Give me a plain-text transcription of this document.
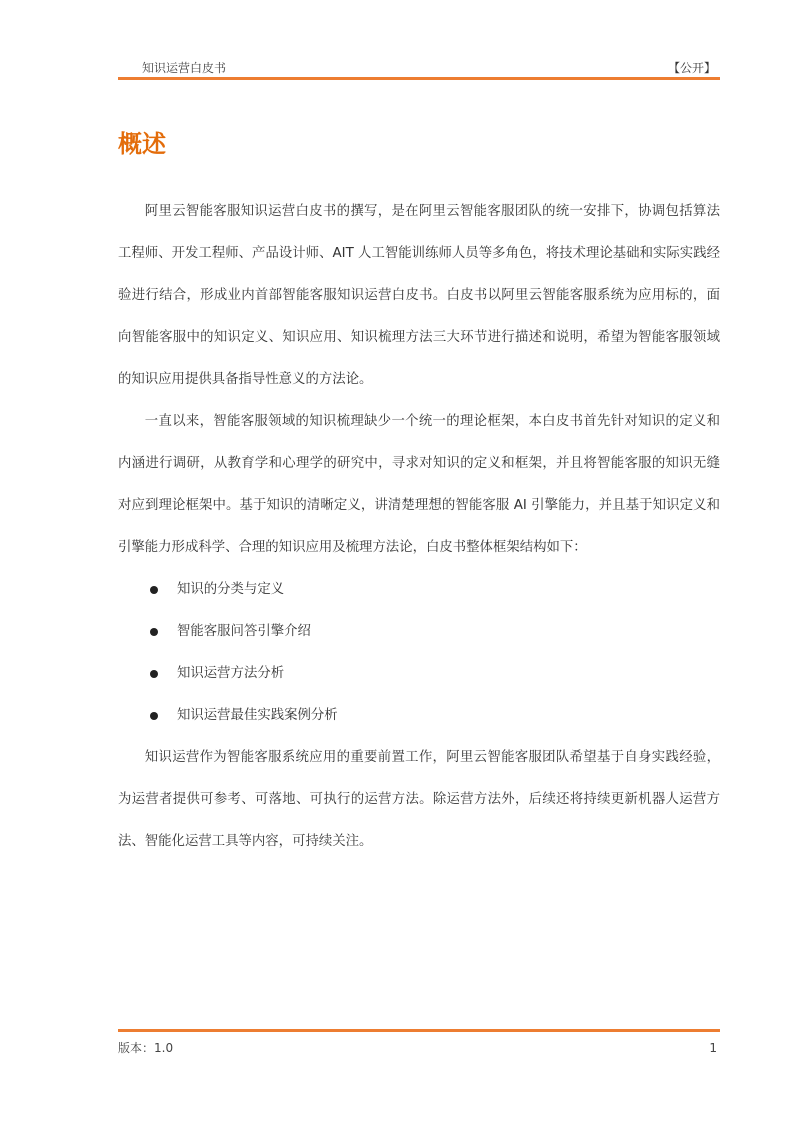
知识运营白皮书	【公开】
概述

阿里云智能客服知识运营白皮书的撰写，是在阿里云智能客服团队的统一安排下，协调包括算法工程师、开发工程师、产品设计师、AIT 人工智能训练师人员等多角色，将技术理论基础和实际实践经验进行结合，形成业内首部智能客服知识运营白皮书。白皮书以阿里云智能客服系统为应用标的，面向智能客服中的知识定义、知识应用、知识梳理方法三大环节进行描述和说明，希望为智能客服领域的知识应用提供具备指导性意义的方法论。

一直以来，智能客服领域的知识梳理缺少一个统一的理论框架，本白皮书首先针对知识的定义和内涵进行调研，从教育学和心理学的研究中，寻求对知识的定义和框架，并且将智能客服的知识无缝对应到理论框架中。基于知识的清晰定义，讲清楚理想的智能客服 AI 引擎能力，并且基于知识定义和引擎能力形成科学、合理的知识应用及梳理方法论，白皮书整体框架结构如下：

知识的分类与定义
智能客服问答引擎介绍
知识运营方法分析
知识运营最佳实践案例分析

知识运营作为智能客服系统应用的重要前置工作，阿里云智能客服团队希望基于自身实践经验，为运营者提供可参考、可落地、可执行的运营方法。除运营方法外，后续还将持续更新机器人运营方法、智能化运营工具等内容，可持续关注。

版本：1.0	1
